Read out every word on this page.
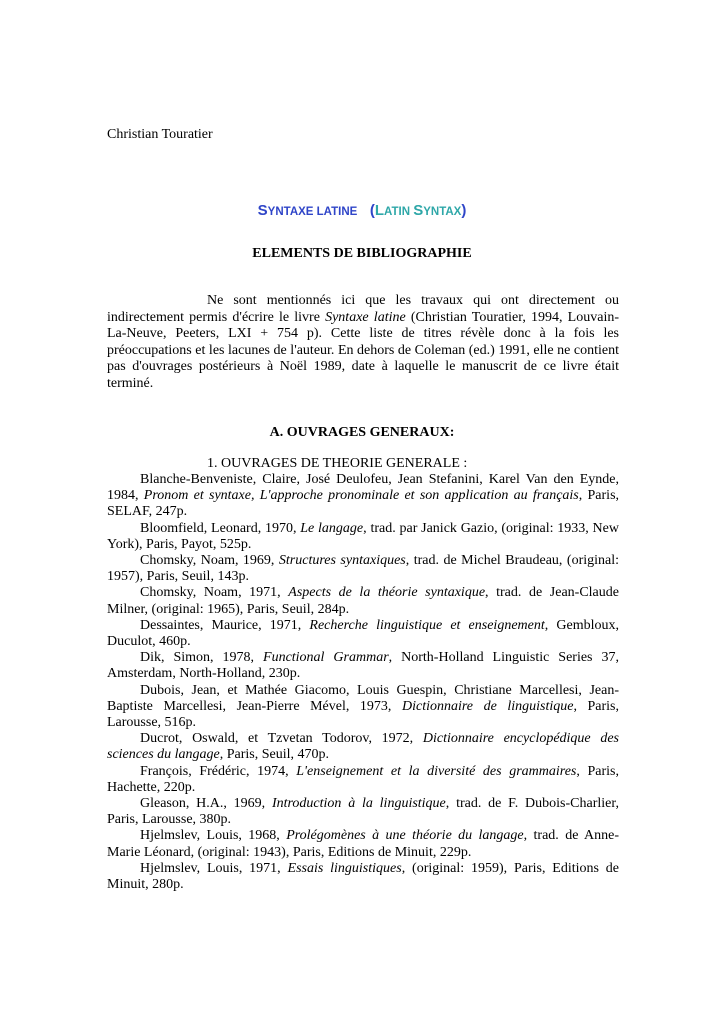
Christian Touratier
SYNTAXE LATINE (LATIN SYNTAX)
ELEMENTS DE BIBLIOGRAPHIE

Ne sont mentionnés ici que les travaux qui ont directement ou indirectement permis d'écrire le livre Syntaxe latine (Christian Touratier, 1994, Louvain-La-Neuve, Peeters, LXI + 754 p). Cette liste de titres révèle donc à la fois les préoccupations et les lacunes de l'auteur. En dehors de Coleman (ed.) 1991, elle ne contient pas d'ouvrages postérieurs à Noël 1989, date à laquelle le manuscrit de ce livre était terminé.

A. OUVRAGES GENERAUX:
1. OUVRAGES DE THEORIE GENERALE :

Blanche-Benveniste, Claire, José Deulofeu, Jean Stefanini, Karel Van den Eynde, 1984, Pronom et syntaxe, L'approche pronominale et son application au français, Paris, SELAF, 247p.

Bloomfield, Leonard, 1970, Le langage, trad. par Janick Gazio, (original: 1933, New York), Paris, Payot, 525p.

Chomsky, Noam, 1969, Structures syntaxiques, trad. de Michel Braudeau, (original: 1957), Paris, Seuil, 143p.

Chomsky, Noam, 1971, Aspects de la théorie syntaxique, trad. de Jean-Claude Milner, (original: 1965), Paris, Seuil, 284p.

Dessaintes, Maurice, 1971, Recherche linguistique et enseignement, Gembloux, Duculot, 460p.

Dik, Simon, 1978, Functional Grammar, North-Holland Linguistic Series 37, Amsterdam, North-Holland, 230p.

Dubois, Jean, et Mathée Giacomo, Louis Guespin, Christiane Marcellesi, Jean-Baptiste Marcellesi, Jean-Pierre Mével, 1973, Dictionnaire de linguistique, Paris, Larousse, 516p.

Ducrot, Oswald, et Tzvetan Todorov, 1972, Dictionnaire encyclopédique des sciences du langage, Paris, Seuil, 470p.

François, Frédéric, 1974, L'enseignement et la diversité des grammaires, Paris, Hachette, 220p.

Gleason, H.A., 1969, Introduction à la linguistique, trad. de F. Dubois-Charlier, Paris, Larousse, 380p.

Hjelmslev, Louis, 1968, Prolégomènes à une théorie du langage, trad. de Anne-Marie Léonard, (original: 1943), Paris, Editions de Minuit, 229p.

Hjelmslev, Louis, 1971, Essais linguistiques, (original: 1959), Paris, Editions de Minuit, 280p.
